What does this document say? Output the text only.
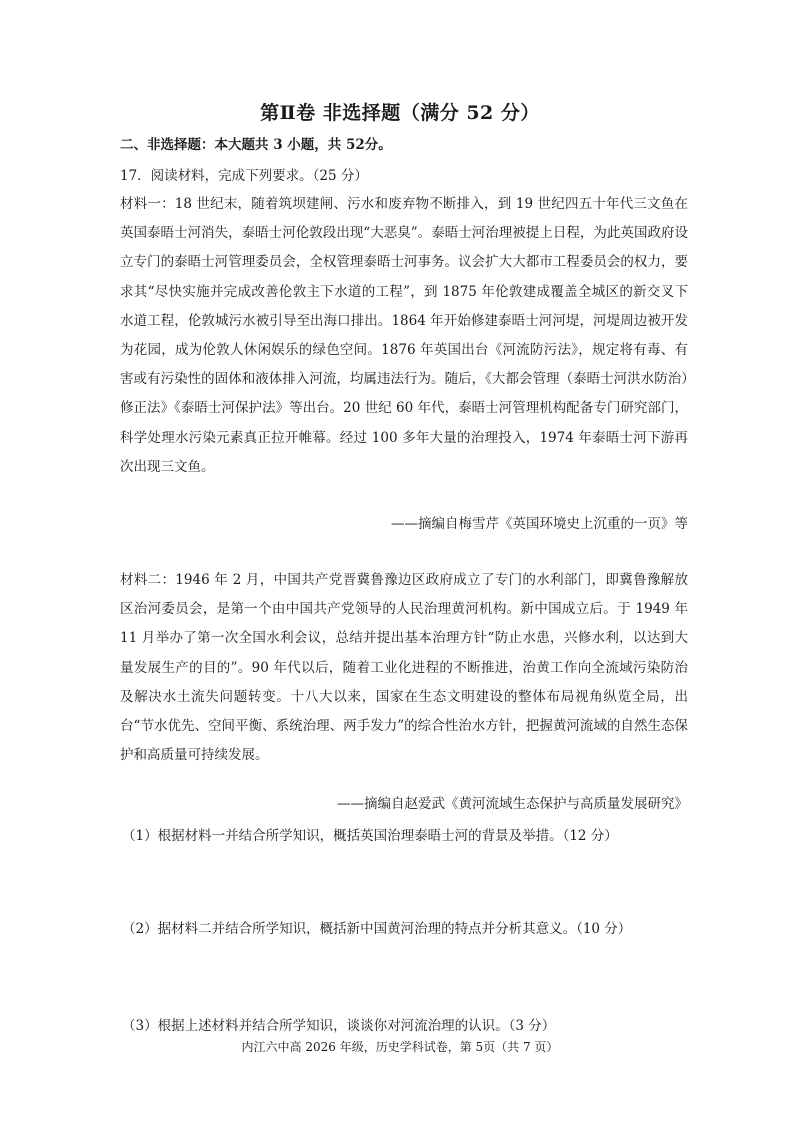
第Ⅱ卷 非选择题（满分 52 分）
二、非选择题：本大题共 3 小题，共 52分。
17．阅读材料，完成下列要求。（25 分）
材料一：18 世纪末，随着筑坝建闸、污水和废弃物不断排入，到 19 世纪四五十年代三文鱼在英国泰晤士河消失，泰晤士河伦敦段出现“大恶臭”。泰晤士河治理被提上日程，为此英国政府设立专门的泰晤士河管理委员会，全权管理泰晤士河事务。议会扩大大都市工程委员会的权力，要求其“尽快实施并完成改善伦敦主下水道的工程”，到 1875 年伦敦建成覆盖全城区的新交叉下水道工程，伦敦城污水被引导至出海口排出。1864 年开始修建泰晤士河河堤，河堤周边被开发为花园，成为伦敦人休闲娱乐的绿色空间。1876 年英国出台《河流防污法》，规定将有毒、有害或有污染性的固体和液体排入河流，均属违法行为。随后，《大都会管理（泰晤士河洪水防治）修正法》《泰晤士河保护法》等出台。20 世纪 60 年代，泰晤士河管理机构配备专门研究部门，科学处理水污染元素真正拉开帷幕。经过 100 多年大量的治理投入，1974 年泰晤士河下游再次出现三文鱼。
——摘编自梅雪芹《英国环境史上沉重的一页》等
材料二：1946 年 2 月，中国共产党晋冀鲁豫边区政府成立了专门的水利部门，即冀鲁豫解放区治河委员会，是第一个由中国共产党领导的人民治理黄河机构。新中国成立后。于 1949 年 11 月举办了第一次全国水利会议，总结并提出基本治理方针“防止水患，兴修水利，以达到大量发展生产的目的”。90 年代以后，随着工业化进程的不断推进，治黄工作向全流域污染防治及解决水土流失问题转变。十八大以来，国家在生态文明建设的整体布局视角纵览全局，出台“节水优先、空间平衡、系统治理、两手发力”的综合性治水方针，把握黄河流域的自然生态保护和高质量可持续发展。
——摘编自赵爱武《黄河流域生态保护与高质量发展研究》
（1）根据材料一并结合所学知识，概括英国治理泰晤士河的背景及举措。（12 分）
（2）据材料二并结合所学知识，概括新中国黄河治理的特点并分析其意义。（10 分）
（3）根据上述材料并结合所学知识，谈谈你对河流治理的认识。（3 分）
内江六中高 2026 年级，历史学科试卷，第 5页（共 7 页）
